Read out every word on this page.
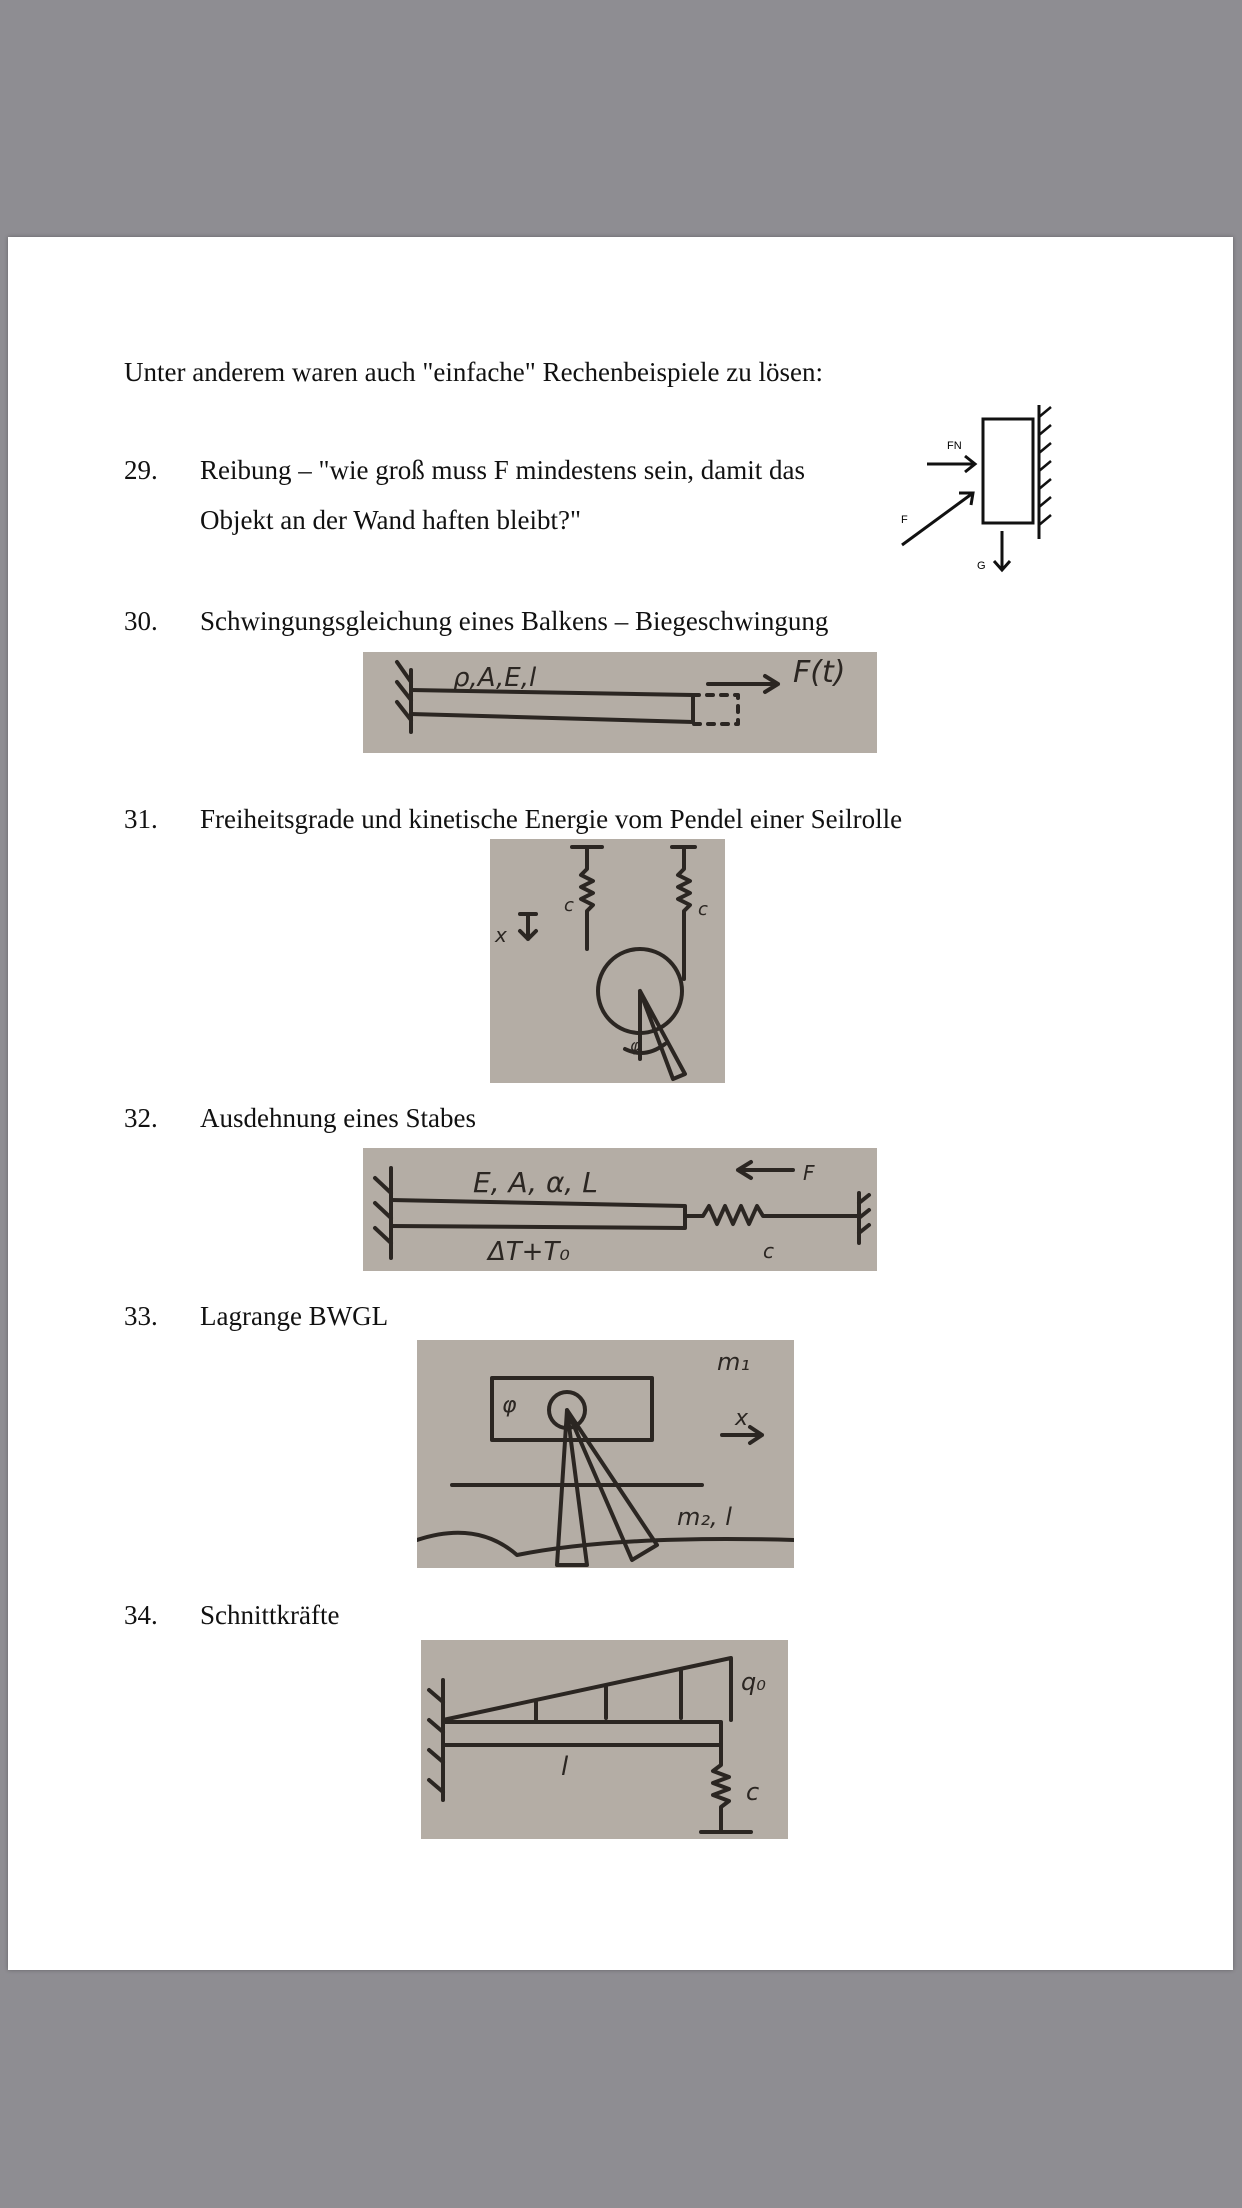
Unter anderem waren auch "einfache" Rechenbeispiele zu lösen:
29. Reibung – "wie groß muss F mindestens sein, damit das
Objekt an der Wand haften bleibt?"
FN
F
G
30. Schwingungsgleichung eines Balkens – Biegeschwingung
ρ,A,E,l	F(t)
31. Freiheitsgrade und kinetische Energie vom Pendel einer Seilrolle
x
c	c
φ
32. Ausdehnung eines Stabes
E, A, α, L
ΔT+T₀	c
F
33. Lagrange BWGL
φ
m₁
x
m₂, l
34. Schnittkräfte
q₀
l
c
